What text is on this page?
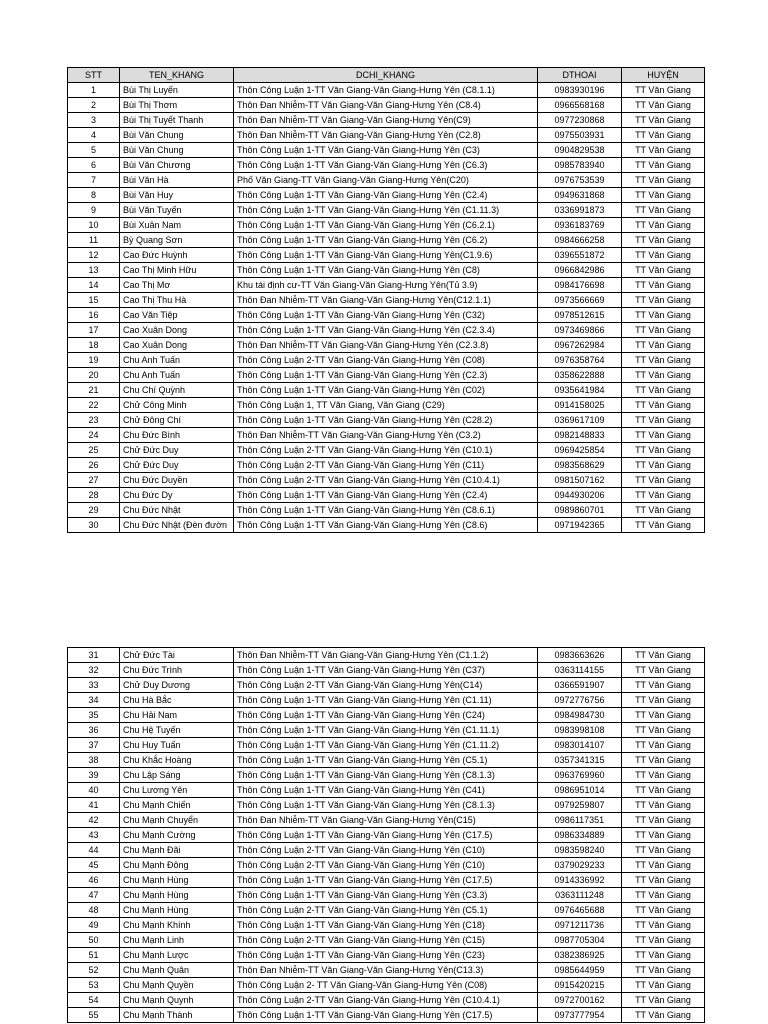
STT	TEN_KHANG	DCHI_KHANG	DTHOAI	HUYỆN
1	Bùi Thị Luyến	Thôn Công Luận 1-TT Văn Giang-Văn Giang-Hưng Yên (C8.1.1)	0983930196	TT Văn Giang
2	Bùi Thị Thơm	Thôn Đan Nhiễm-TT Văn Giang-Văn Giang-Hưng Yên (C8.4)	0966568168	TT Văn Giang
3	Bùi Thị Tuyết Thanh	Thôn Đan Nhiễm-TT Văn Giang-Văn Giang-Hưng Yên(C9)	0977230868	TT Văn Giang
4	Bùi Văn Chung	Thôn Đan Nhiễm-TT Văn Giang-Văn Giang-Hưng Yên (C2.8)	0975503931	TT Văn Giang
5	Bùi Văn Chung	Thôn Công Luận 1-TT Văn Giang-Văn Giang-Hưng Yên (C3)	0904829538	TT Văn Giang
6	Bùi Văn Chương	Thôn Công Luận 1-TT Văn Giang-Văn Giang-Hưng Yên (C6.3)	0985783940	TT Văn Giang
7	Bùi Văn Hà	Phố Văn Giang-TT Văn Giang-Văn Giang-Hưng Yên(C20)	0976753539	TT Văn Giang
8	Bùi Văn Huy	Thôn Công Luận 1-TT Văn Giang-Văn Giang-Hưng Yên (C2.4)	0949631868	TT Văn Giang
9	Bùi Văn Tuyến	Thôn Công Luận 1-TT Văn Giang-Văn Giang-Hưng Yên (C1.11.3)	0336991873	TT Văn Giang
10	Bùi Xuân Nam	Thôn Công Luận 1-TT Văn Giang-Văn Giang-Hưng Yên (C6.2.1)	0936183769	TT Văn Giang
11	Bỳ Quang Sơn	Thôn Công Luận 1-TT Văn Giang-Văn Giang-Hưng Yên (C6.2)	0984666258	TT Văn Giang
12	Cao Đức Huỳnh	Thôn Công Luận 1-TT Văn Giang-Văn Giang-Hưng Yên(C1.9.6)	0396551872	TT Văn Giang
13	Cao Thị Minh Hữu	Thôn Công Luận 1-TT Văn Giang-Văn Giang-Hưng Yên (C8)	0966842986	TT Văn Giang
14	Cao Thị Mơ	Khu tái định cư-TT Văn Giang-Văn Giang-Hưng Yên(Tủ 3.9)	0984176698	TT Văn Giang
15	Cao Thị Thu Hà	Thôn Đan Nhiễm-TT Văn Giang-Văn Giang-Hưng Yên(C12.1.1)	0973566669	TT Văn Giang
16	Cao Văn Tiệp	Thôn Công Luận 1-TT Văn Giang-Văn Giang-Hưng Yên (C32)	0978512615	TT Văn Giang
17	Cao Xuân Dong	Thôn Công Luận 1-TT Văn Giang-Văn Giang-Hưng Yên (C2.3.4)	0973469866	TT Văn Giang
18	Cao Xuân Dong	Thôn Đan Nhiễm-TT Văn Giang-Văn Giang-Hưng Yên (C2.3.8)	0967262984	TT Văn Giang
19	Chu Anh Tuấn	Thôn Công Luận 2-TT Văn Giang-Văn Giang-Hưng Yên (C08)	0976358764	TT Văn Giang
20	Chu Anh Tuấn	Thôn Công Luận 1-TT Văn Giang-Văn Giang-Hưng Yên (C2.3)	0358622888	TT Văn Giang
21	Chu Chí Quỳnh	Thôn Công Luận 1-TT Văn Giang-Văn Giang-Hưng Yên (C02)	0935641984	TT Văn Giang
22	Chử Công Minh	Thôn Công Luận 1, TT Văn Giang, Văn Giang (C29)	0914158025	TT Văn Giang
23	Chử Đông Chí	Thôn Công Luận 1-TT Văn Giang-Văn Giang-Hưng Yên (C28.2)	0369617109	TT Văn Giang
24	Chu Đức Bình	Thôn Đan Nhiễm-TT Văn Giang-Văn Giang-Hưng Yên (C3.2)	0982148833	TT Văn Giang
25	Chử Đức Duy	Thôn Công Luận 2-TT Văn Giang-Văn Giang-Hưng Yên (C10.1)	0969425854	TT Văn Giang
26	Chử Đức Duy	Thôn Công Luận 2-TT Văn Giang-Văn Giang-Hưng Yên (C11)	0983568629	TT Văn Giang
27	Chu Đức Duyền	Thôn Công Luận 2-TT Văn Giang-Văn Giang-Hưng Yên (C10.4.1)	0981507162	TT Văn Giang
28	Chu Đức Dy	Thôn Công Luận 1-TT Văn Giang-Văn Giang-Hưng Yên (C2.4)	0944930206	TT Văn Giang
29	Chu Đức Nhật	Thôn Công Luận 1-TT Văn Giang-Văn Giang-Hưng Yên (C8.6.1)	0989860701	TT Văn Giang
30	Chu Đức Nhật (Đèn đườn	Thôn Công Luận 1-TT Văn Giang-Văn Giang-Hưng Yên (C8.6)	0971942365	TT Văn Giang
31	Chử Đức Tài	Thôn Đan Nhiễm-TT Văn Giang-Văn Giang-Hưng Yên (C1.1.2)	0983663626	TT Văn Giang
32	Chu Đức Trình	Thôn Công Luận 1-TT Văn Giang-Văn Giang-Hưng Yên (C37)	0363114155	TT Văn Giang
33	Chử Duy Dương	Thôn Công Luận 2-TT Văn Giang-Văn Giang-Hưng Yên(C14)	0366591907	TT Văn Giang
34	Chu Hà Bắc	Thôn Công Luận 1-TT Văn Giang-Văn Giang-Hưng Yên (C1.11)	0972776756	TT Văn Giang
35	Chu Hải Nam	Thôn Công Luận 1-TT Văn Giang-Văn Giang-Hưng Yên (C24)	0984984730	TT Văn Giang
36	Chu Hệ Tuyến	Thôn Công Luận 1-TT Văn Giang-Văn Giang-Hưng Yên (C1.11.1)	0983998108	TT Văn Giang
37	Chu Huy Tuấn	Thôn Công Luận 1-TT Văn Giang-Văn Giang-Hưng Yên (C1.11.2)	0983014107	TT Văn Giang
38	Chu Khắc Hoàng	Thôn Công Luận 1-TT Văn Giang-Văn Giang-Hưng Yên (C5.1)	0357341315	TT Văn Giang
39	Chu Lập Sáng	Thôn Công Luận 1-TT Văn Giang-Văn Giang-Hưng Yên (C8.1.3)	0963769960	TT Văn Giang
40	Chu Lương Yên	Thôn Công Luận 1-TT Văn Giang-Văn Giang-Hưng Yên (C41)	0986951014	TT Văn Giang
41	Chu Mạnh Chiến	Thôn Công Luận 1-TT Văn Giang-Văn Giang-Hưng Yên (C8.1.3)	0979259807	TT Văn Giang
42	Chu Mạnh Chuyển	Thôn Đan Nhiễm-TT Văn Giang-Văn Giang-Hưng Yên(C15)	0986117351	TT Văn Giang
43	Chu Mạnh Cường	Thôn Công Luận 1-TT Văn Giang-Văn Giang-Hưng Yên (C17.5)	0986334889	TT Văn Giang
44	Chu Mạnh Đãi	Thôn Công Luận 2-TT Văn Giang-Văn Giang-Hưng Yên (C10)	0983598240	TT Văn Giang
45	Chu Mạnh Đông	Thôn Công Luận 2-TT Văn Giang-Văn Giang-Hưng Yên (C10)	0379029233	TT Văn Giang
46	Chu Mạnh Hùng	Thôn Công Luận 1-TT Văn Giang-Văn Giang-Hưng Yên (C17.5)	0914336992	TT Văn Giang
47	Chu Mạnh Hùng	Thôn Công Luận 1-TT Văn Giang-Văn Giang-Hưng Yên (C3.3)	0363111248	TT Văn Giang
48	Chu Mạnh Hùng	Thôn Công Luận 2-TT Văn Giang-Văn Giang-Hưng Yên (C5.1)	0976465688	TT Văn Giang
49	Chu Mạnh Khính	Thôn Công Luận 1-TT Văn Giang-Văn Giang-Hưng Yên (C18)	0971211736	TT Văn Giang
50	Chu Mạnh Linh	Thôn Công Luận 2-TT Văn Giang-Văn Giang-Hưng Yên (C15)	0987705304	TT Văn Giang
51	Chu Mạnh Lược	Thôn Công Luận 1-TT Văn Giang-Văn Giang-Hưng Yên (C23)	0382386925	TT Văn Giang
52	Chu Mạnh Quân	Thôn Đan Nhiễm-TT Văn Giang-Văn Giang-Hưng Yên(C13.3)	0985644959	TT Văn Giang
53	Chu Mạnh Quyền	Thôn Công Luận 2- TT Văn Giang-Văn Giang-Hưng Yên (C08)	0915420215	TT Văn Giang
54	Chu Mạnh Quynh	Thôn Công Luận 2-TT Văn Giang-Văn Giang-Hưng Yên (C10.4.1)	0972700162	TT Văn Giang
55	Chu Mạnh Thành	Thôn Công Luận 1-TT Văn Giang-Văn Giang-Hưng Yên (C17.5)	0973777954	TT Văn Giang
